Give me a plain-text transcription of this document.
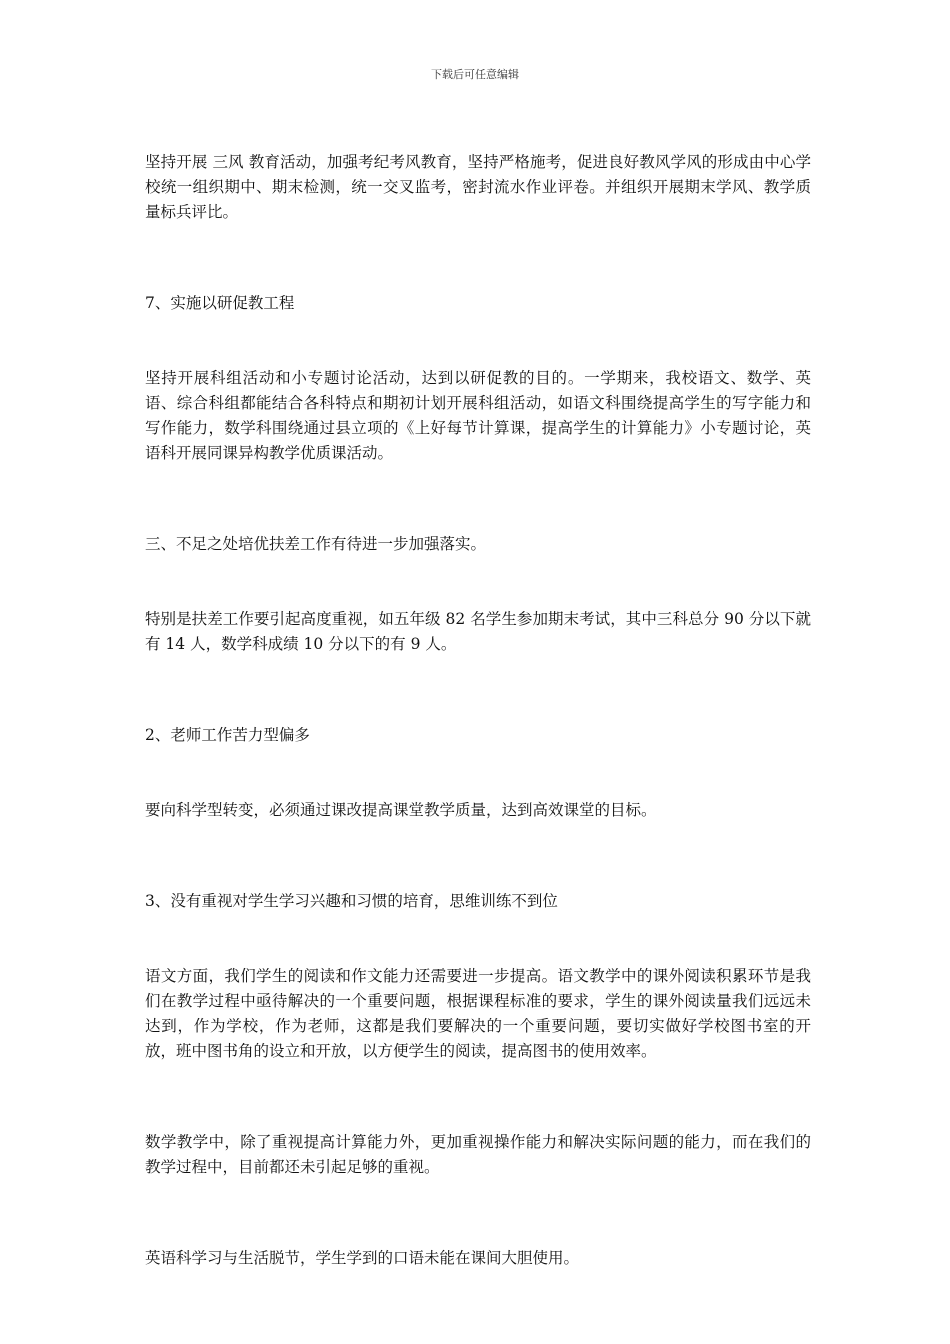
下载后可任意编辑

坚持开展 三风 教育活动，加强考纪考风教育，坚持严格施考，促进良好教风学风的形成由中心学校统一组织期中、期末检测，统一交叉监考，密封流水作业评卷。并组织开展期末学风、教学质量标兵评比。

7、实施以研促教工程

坚持开展科组活动和小专题讨论活动，达到以研促教的目的。一学期来，我校语文、数学、英语、综合科组都能结合各科特点和期初计划开展科组活动，如语文科围绕提高学生的写字能力和写作能力，数学科围绕通过县立项的《上好每节计算课，提高学生的计算能力》小专题讨论，英语科开展同课异构教学优质课活动。

三、不足之处培优扶差工作有待进一步加强落实。

特别是扶差工作要引起高度重视，如五年级 82 名学生参加期末考试，其中三科总分 90 分以下就有 14 人，数学科成绩 10 分以下的有 9 人。

2、老师工作苦力型偏多

要向科学型转变，必须通过课改提高课堂教学质量，达到高效课堂的目标。

3、没有重视对学生学习兴趣和习惯的培育，思维训练不到位

语文方面，我们学生的阅读和作文能力还需要进一步提高。语文教学中的课外阅读积累环节是我们在教学过程中亟待解决的一个重要问题，根据课程标准的要求，学生的课外阅读量我们远远未达到，作为学校，作为老师，这都是我们要解决的一个重要问题，要切实做好学校图书室的开放，班中图书角的设立和开放，以方便学生的阅读，提高图书的使用效率。

数学教学中，除了重视提高计算能力外，更加重视操作能力和解决实际问题的能力，而在我们的教学过程中，目前都还未引起足够的重视。

英语科学习与生活脱节，学生学到的口语未能在课间大胆使用。
